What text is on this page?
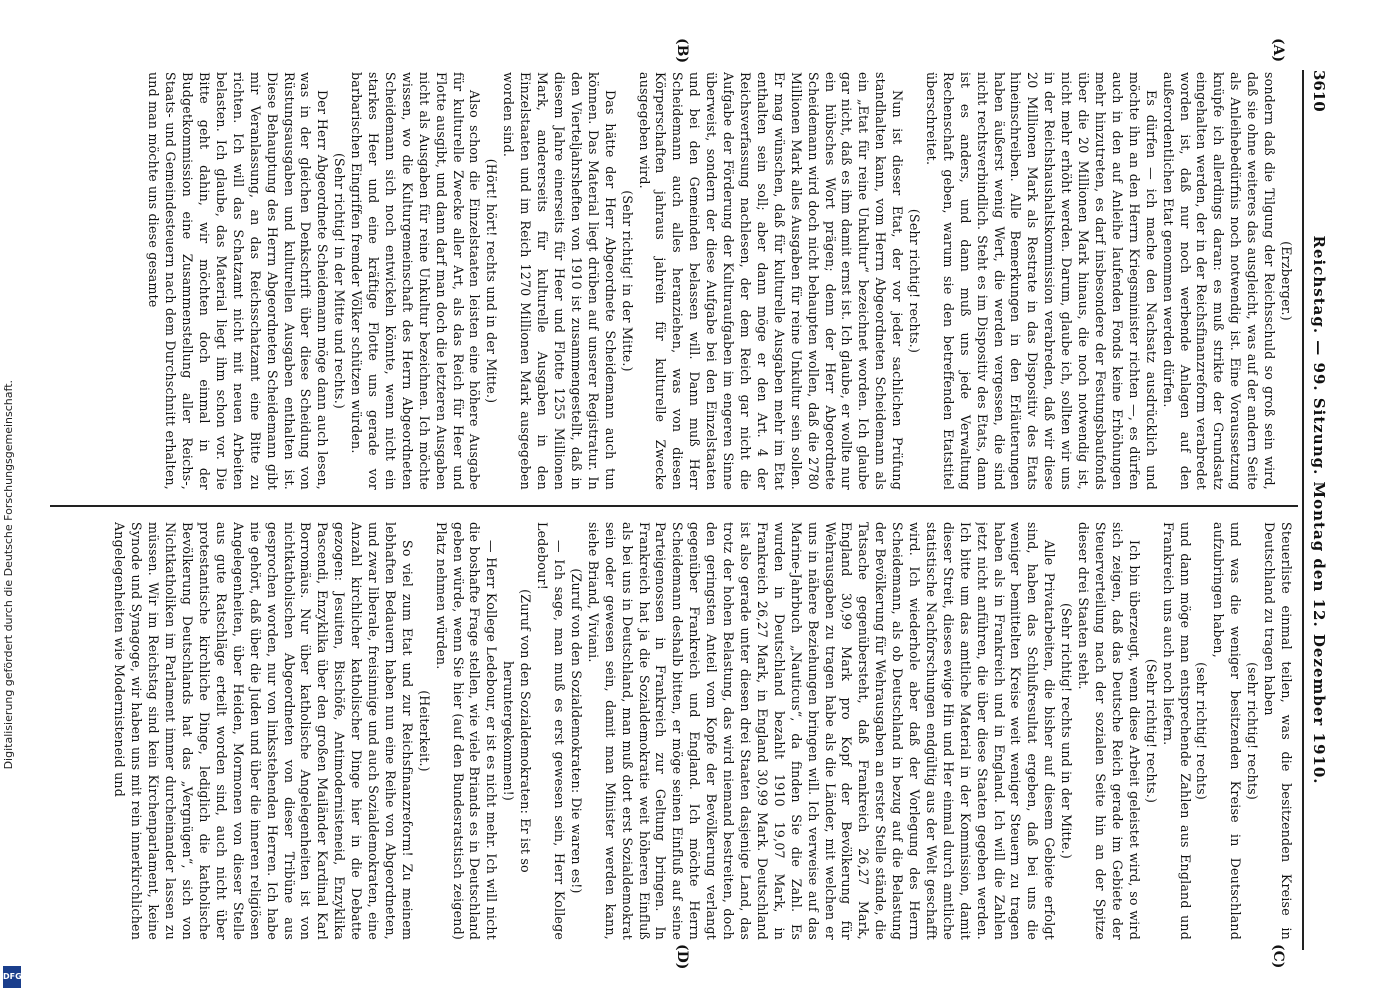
Digitalisierung gefördert durch die Deutsche Forschungsgemeinschaft.
DFG
3610
Reichstag. — 99. Sitzung. Montag den 12. Dezember 1910.
(A)
(B)
(C)
(D)

(Erzberger.)

sondern daß die Tilgung der Reichsschuld so groß sein wird, daß sie ohne weiteres das ausgleicht, was auf der andern Seite als Anleihebedürfnis noch notwendig ist. Eine Voraussetzung knüpfe ich allerdings daran: es muß strikte der Grundsatz eingehalten werden, der in der Reichsfinanzreform verabredet worden ist, daß nur noch werbende Anlagen auf den außerordentlichen Etat genommen werden dürfen.

Es dürfen — ich mache den Nachsatz ausdrücklich und möchte ihn an den Herrn Kriegsminister richten —, es dürfen auch in den auf Anleihe laufenden Fonds keine Erhöhungen mehr hinzutreten, es darf insbesondere der Festungsbaufonds über die 20 Millionen Mark hinaus, die noch notwendig ist, nicht mehr erhöht werden. Darum, glaube ich, sollten wir uns in der Reichshaushaltskommission verabreden, daß wir diese 20 Millionen Mark als Restrate in das Dispositiv des Etats hineinschreiben. Alle Bemerkungen in den Erläuterungen haben äußerst wenig Wert, die werden vergessen, die sind nicht rechtsverbindlich. Steht es im Dispositiv des Etats, dann ist es anders, und dann muß uns jede Verwaltung Rechenschaft geben, warum sie den betreffenden Etatstitel überschreitet.

(Sehr richtig! rechts.)

Nun ist dieser Etat, der vor jeder sachlichen Prüfung standhalten kann, vom Herrn Abgeordneten Scheidemann als ein „Etat für reine Unkultur“ bezeichnet worden. Ich glaube gar nicht, daß es ihm damit ernst ist. Ich glaube, er wollte nur ein hübsches Wort prägen; denn der Herr Abgeordnete Scheidemann wird doch nicht behaupten wollen, daß die 2780 Millionen Mark alles Ausgaben für reine Unkultur sein sollen. Er mag wünschen, daß für kulturelle Ausgaben mehr im Etat enthalten sein soll; aber dann möge er den Art. 4 der Reichsverfassung nachlesen, der dem Reich gar nicht die Aufgabe der Förderung der Kulturaufgaben im engeren Sinne überweist, sondern der diese Aufgabe bei den Einzelstaaten und bei den Gemeinden belassen will. Dann muß Herr Scheidemann auch alles heranziehen, was von diesen Körperschaften jahraus jahrein für kulturelle Zwecke ausgegeben wird.

(Sehr richtig! in der Mitte.)

Das hätte der Herr Abgeordnete Scheidemann auch tun können. Das Material liegt drüben auf unserer Registratur. In den Vierteljahrsheften von 1910 ist zusammengestellt, daß in diesem Jahre einerseits für Heer und Flotte 1255 Millionen Mark, andererseits für kulturelle Ausgaben in den Einzelstaaten und im Reich 1270 Millionen Mark ausgegeben worden sind.

(Hört! hört! rechts und in der Mitte.)

Also schon die Einzelstaaten leisten eine höhere Ausgabe für kulturelle Zwecke aller Art, als das Reich für Heer und Flotte ausgibt, und dann darf man doch die letzteren Ausgaben nicht als Ausgaben für reine Unkultur bezeichnen. Ich möchte wissen, wo die Kulturgemeinschaft des Herrn Abgeordneten Scheidemann sich noch entwickeln könnte, wenn nicht ein starkes Heer und eine kräftige Flotte uns gerade vor barbarischen Eingriffen fremder Völker schützen würden.

(Sehr richtig! in der Mitte und rechts.)

Der Herr Abgeordnete Scheidemann möge dann auch lesen, was in der gleichen Denkschrift über diese Scheidung von Rüstungsausgaben und kulturellen Ausgaben enthalten ist. Diese Behauptung des Herrn Abgeordneten Scheidemann gibt mir Veranlassung, an das Reichsschatzamt eine Bitte zu richten. Ich will das Schatzamt nicht mit neuen Arbeiten belasten. Ich glaube, das Material liegt ihm schon vor. Die Bitte geht dahin, wir möchten doch einmal in der Budgetkommission eine Zusammenstellung aller Reichs-, Staats- und Gemeindesteuern nach dem Durchschnitt erhalten, und man möchte uns diese gesamte

Steuerliste einmal teilen, was die besitzenden Kreise in Deutschland zu tragen haben

(sehr richtig! rechts)

und was die weniger besitzenden Kreise in Deutschland aufzubringen haben,

(sehr richtig! rechts)

und dann möge man entsprechende Zahlen aus England und Frankreich uns auch noch liefern.

(Sehr richtig! rechts.)

Ich bin überzeugt, wenn diese Arbeit geleistet wird, so wird sich zeigen, daß das Deutsche Reich gerade im Gebiete der Steuerverteilung nach der sozialen Seite hin an der Spitze dieser drei Staaten steht.

(Sehr richtig! rechts und in der Mitte.)

Alle Privatarbeiten, die bisher auf diesem Gebiete erfolgt sind, haben das Schlußresultat ergeben, daß bei uns die weniger bemittelten Kreise weit weniger Steuern zu tragen haben als in Frankreich und in England. Ich will die Zahlen jetzt nicht anführen, die über diese Staaten gegeben werden. Ich bitte um das amtliche Material in der Kommission, damit dieser Streit, dieses ewige Hin und Her einmal durch amtliche statistische Nachforschungen endgültig aus der Welt geschafft wird. Ich wiederhole aber daß der Vorlegung des Herrn Scheidemann, als ob Deutschland in bezug auf die Belastung der Bevölkerung für Wehrausgaben an erster Stelle stände, die Tatsache gegenübersteht, daß Frankreich 26,27 Mark, England 30,99 Mark pro Kopf der Bevölkerung für Wehrausgaben zu tragen habe als die Länder, mit welchen er uns in nähere Beziehungen bringen will. Ich verweise auf das Marine-Jahrbuch „Nauticus“, da finden Sie die Zahl. Es wurden in Deutschland bezahlt 1910 19,07 Mark, in Frankreich 26,27 Mark, in England 30,99 Mark. Deutschland ist also gerade unter diesen drei Staaten dasjenige Land, das trotz der hohen Belastung, das wird niemand bestreiten, doch den geringsten Anteil vom Kopfe der Bevölkerung verlangt gegenüber Frankreich und England. Ich möchte Herrn Scheidemann deshalb bitten, er möge seinen Einfluß auf seine Parteigenossen in Frankreich zur Geltung bringen. In Frankreich hat ja die Sozialdemokratie weit höheren Einfluß als bei uns in Deutschland, man muß dort erst Sozialdemokrat sein oder gewesen sein, damit man Minister werden kann, siehe Briand, Viviani.

(Zuruf von den Sozialdemokraten: Die waren es!)

— Ich sage, man muß es erst gewesen sein, Herr Kollege Ledebour!

(Zuruf von den Sozialdemokraten: Er ist so heruntergekommen!)

— Herr Kollege Ledebour, er ist es nicht mehr. Ich will nicht die boshafte Frage stellen, wie viele Briands es in Deutschland geben würde, wenn Sie hier (auf den Bundesratstisch zeigend) Platz nehmen würden.

(Heiterkeit.)

So viel zum Etat und zur Reichsfinanzreform! Zu meinem lebhaften Bedauern haben nun eine Reihe von Abgeordneten, und zwar liberale, freisinnige und auch Sozialdemokraten, eine Anzahl kirchlicher katholischer Dinge hier in die Debatte gezogen: Jesuiten, Bischöfe, Antimodernisteneid, Enzyklika Pascendi, Enzyklika über den großen Mailänder Kardinal Karl Borromäus. Nur über katholische Angelegenheiten ist von nichtkatholischen Abgeordneten von dieser Tribüne aus gesprochen worden, nur von linksstehenden Herren. Ich habe nie gehört, daß über die Juden und über die inneren religiösen Angelegenheiten, über Heiden, Mormonen von dieser Stelle aus gute Ratschläge erteilt worden sind, auch nicht über protestantische kirchliche Dinge, lediglich die katholische Bevölkerung Deutschlands hat das „Vergnügen“, sich von Nichtkatholiken im Parlament immer durcheinander lassen zu müssen. Wir im Reichstag sind kein Kirchenparlament, keine Synode und Synagoge, wir haben uns mit rein innerkirchlichen Angelegenheiten wie Modernisteneid und
